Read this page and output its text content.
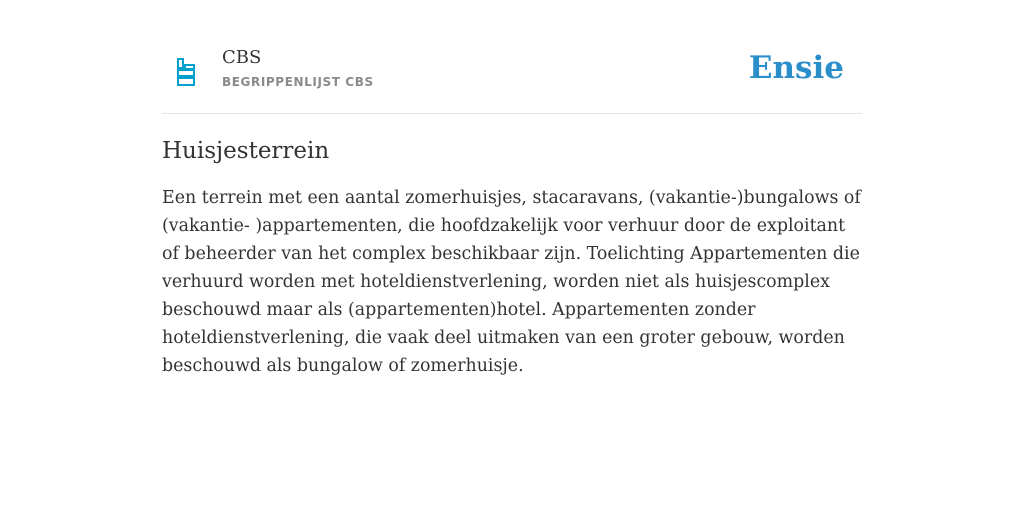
CBS
BEGRIPPENLIJST CBS	Ensie
Huisjesterrein

Een terrein met een aantal zomerhuisjes, stacaravans, (vakantie-)bungalows of (vakantie- )appartementen, die hoofdzakelijk voor verhuur door de exploitant of beheerder van het complex beschikbaar zijn. Toelichting Appartementen die verhuurd worden met hoteldienstverlening, worden niet als huisjescomplex beschouwd maar als (appartementen)hotel. Appartementen zonder hoteldienstverlening, die vaak deel uitmaken van een groter gebouw, worden beschouwd als bungalow of zomerhuisje.
